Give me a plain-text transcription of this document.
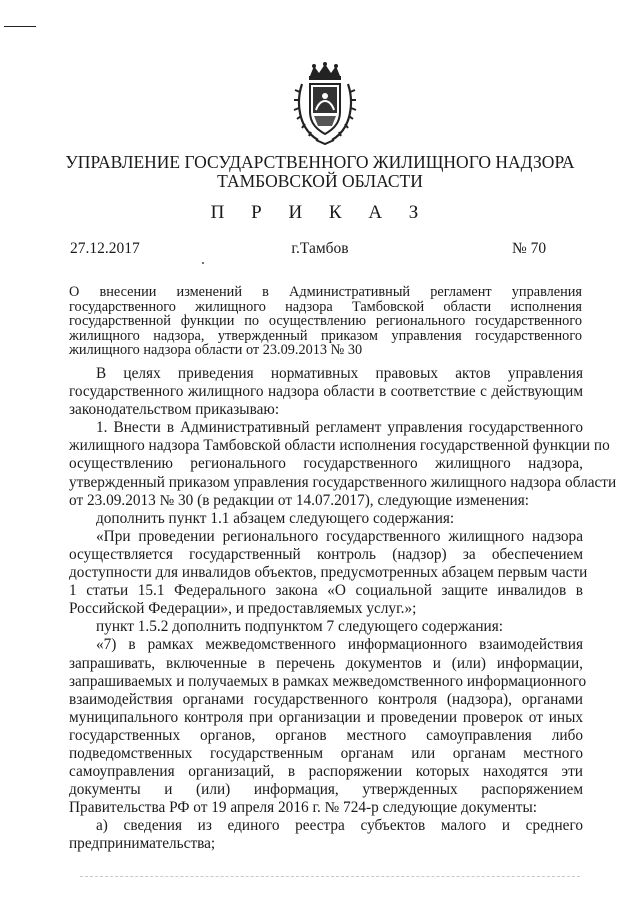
УПРАВЛЕНИЕ ГОСУДАРСТВЕННОГО ЖИЛИЩНОГО НАДЗОРА
ТАМБОВСКОЙ ОБЛАСТИ
П Р И К А З
27.12.2017	г.Тамбов	№ 70
О внесении изменений в Административный регламент управления
государственного жилищного надзора Тамбовской области исполнения
государственной функции по осуществлению регионального государственного
жилищного надзора, утвержденный приказом управления государственного
жилищного надзора области от 23.09.2013 № 30
В целях приведения нормативных правовых актов управления
государственного жилищного надзора области в соответствие с действующим
законодательством приказываю:
1. Внести в Административный регламент управления государственного
жилищного надзора Тамбовской области исполнения государственной функции по
осуществлению регионального государственного жилищного надзора,
утвержденный приказом управления государственного жилищного надзора области
от 23.09.2013 № 30 (в редакции от 14.07.2017), следующие изменения:
дополнить пункт 1.1 абзацем следующего содержания:
«При проведении регионального государственного жилищного надзора
осуществляется государственный контроль (надзор) за обеспечением
доступности для инвалидов объектов, предусмотренных абзацем первым части
1 статьи 15.1 Федерального закона «О социальной защите инвалидов в
Российской Федерации», и предоставляемых услуг.»;
пункт 1.5.2 дополнить подпунктом 7 следующего содержания:
«7) в рамках межведомственного информационного взаимодействия
запрашивать, включенные в перечень документов и (или) информации,
запрашиваемых и получаемых в рамках межведомственного информационного
взаимодействия органами государственного контроля (надзора), органами
муниципального контроля при организации и проведении проверок от иных
государственных органов, органов местного самоуправления либо
подведомственных государственным органам или органам местного
самоуправления организаций, в распоряжении которых находятся эти
документы и (или) информация, утвержденных распоряжением
Правительства РФ от 19 апреля 2016 г. № 724-р следующие документы:
а) сведения из единого реестра субъектов малого и среднего
предпринимательства;
